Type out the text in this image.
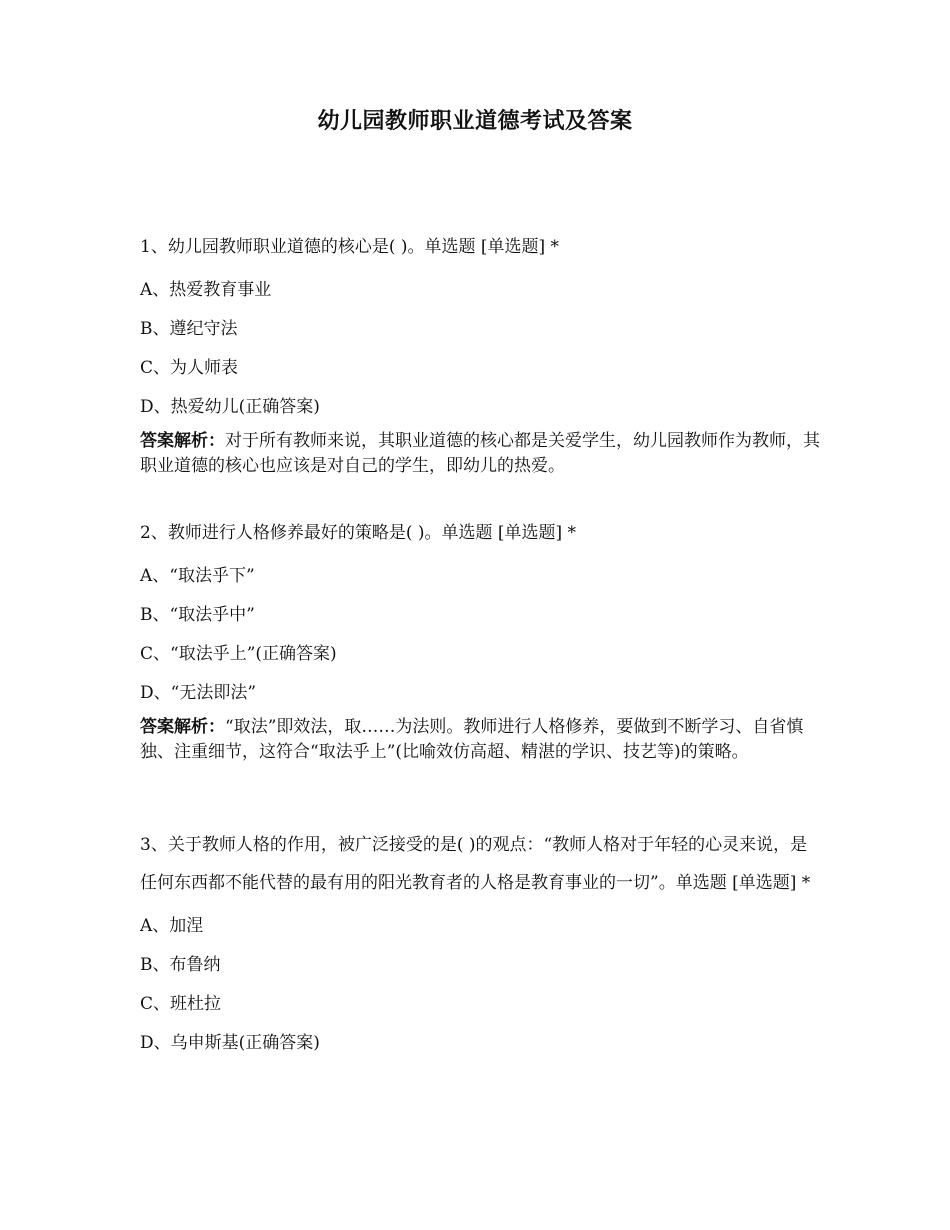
幼儿园教师职业道德考试及答案
1、幼儿园教师职业道德的核心是( )。单选题 [单选题] *
A、热爱教育事业
B、遵纪守法
C、为人师表
D、热爱幼儿(正确答案)
答案解析：对于所有教师来说，其职业道德的核心都是关爱学生，幼儿园教师作为教师，其职业道德的核心也应该是对自己的学生，即幼儿的热爱。
2、教师进行人格修养最好的策略是( )。单选题 [单选题] *
A、“取法乎下”
B、“取法乎中”
C、“取法乎上”(正确答案)
D、“无法即法”
答案解析：“取法”即效法，取……为法则。教师进行人格修养，要做到不断学习、自省慎独、注重细节，这符合“取法乎上”(比喻效仿高超、精湛的学识、技艺等)的策略。
3、关于教师人格的作用，被广泛接受的是( )的观点：“教师人格对于年轻的心灵来说，是任何东西都不能代替的最有用的阳光教育者的人格是教育事业的一切”。单选题 [单选题] *
A、加涅
B、布鲁纳
C、班杜拉
D、乌申斯基(正确答案)
